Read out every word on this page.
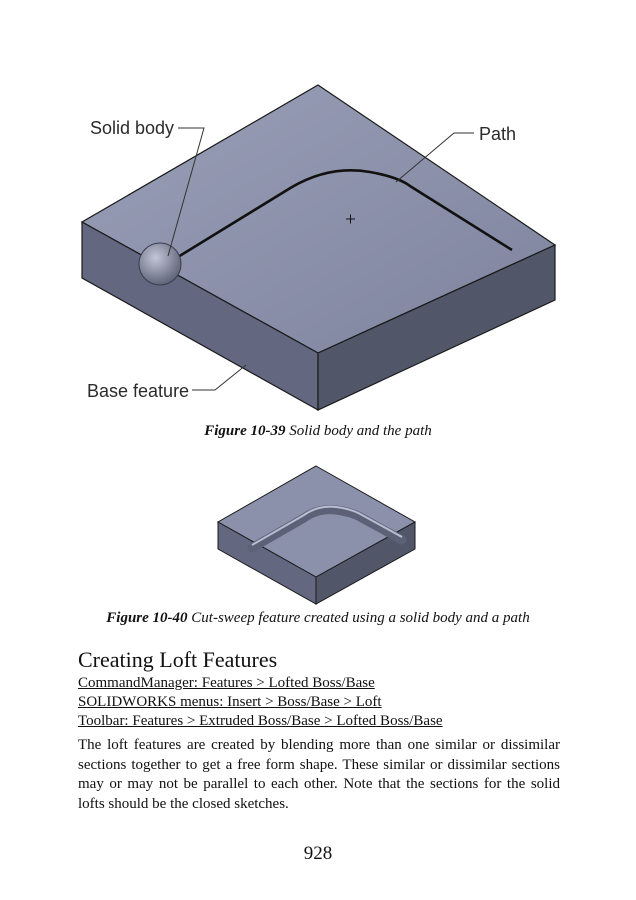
Solid body	Path
Base feature
Figure 10-39 Solid body and the path
Figure 10-40 Cut-sweep feature created using a solid body and a path
Creating Loft Features
CommandManager: Features > Lofted Boss/Base
SOLIDWORKS menus: Insert > Boss/Base > Loft
Toolbar: Features > Extruded Boss/Base > Lofted Boss/Base

The loft features are created by blending more than one similar or dissimilar sections together to get a free form shape. These similar or dissimilar sections may or may not be parallel to each other. Note that the sections for the solid lofts should be the closed sketches.

928
